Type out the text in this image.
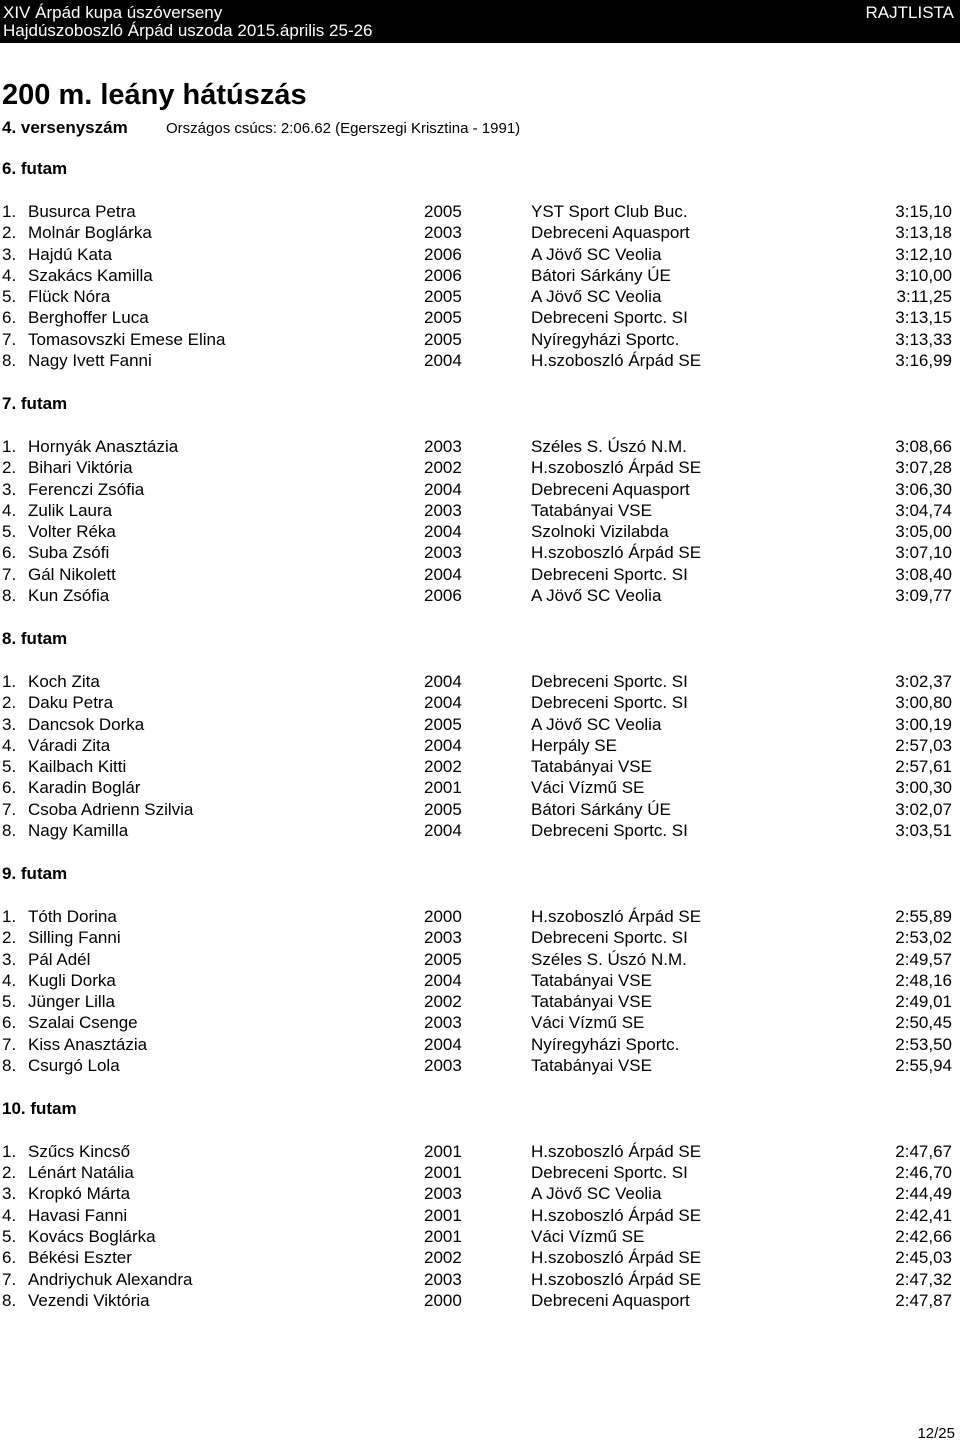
XIV Árpád kupa úszóverseny
Hajdúszoboszló Árpád uszoda 2015.április 25-26
RAJTLISTA
200 m. leány hátúszás
4. versenyszám	Országos csúcs: 2:06.62 (Egerszegi Krisztina - 1991)
6. futam
1. Busurca Petra	2005	YST Sport Club Buc.	3:15,10
2. Molnár Boglárka	2003	Debreceni Aquasport	3:13,18
3. Hajdú Kata	2006	A Jövő SC Veolia	3:12,10
4. Szakács Kamilla	2006	Bátori Sárkány ÚE	3:10,00
5. Flück Nóra	2005	A Jövő SC Veolia	3:11,25
6. Berghoffer Luca	2005	Debreceni Sportc. SI	3:13,15
7. Tomasovszki Emese Elina	2005	Nyíregyházi Sportc.	3:13,33
8. Nagy Ivett Fanni	2004	H.szoboszló Árpád SE	3:16,99
7. futam
1. Hornyák Anasztázia	2003	Széles S. Úszó N.M.	3:08,66
2. Bihari Viktória	2002	H.szoboszló Árpád SE	3:07,28
3. Ferenczi Zsófia	2004	Debreceni Aquasport	3:06,30
4. Zulik Laura	2003	Tatabányai VSE	3:04,74
5. Volter Réka	2004	Szolnoki Vizilabda	3:05,00
6. Suba Zsófi	2003	H.szoboszló Árpád SE	3:07,10
7. Gál Nikolett	2004	Debreceni Sportc. SI	3:08,40
8. Kun Zsófia	2006	A Jövő SC Veolia	3:09,77
8. futam
1. Koch Zita	2004	Debreceni Sportc. SI	3:02,37
2. Daku Petra	2004	Debreceni Sportc. SI	3:00,80
3. Dancsok Dorka	2005	A Jövő SC Veolia	3:00,19
4. Váradi Zita	2004	Herpály SE	2:57,03
5. Kailbach Kitti	2002	Tatabányai VSE	2:57,61
6. Karadin Boglár	2001	Váci Vízmű SE	3:00,30
7. Csoba Adrienn Szilvia	2005	Bátori Sárkány ÚE	3:02,07
8. Nagy Kamilla	2004	Debreceni Sportc. SI	3:03,51
9. futam
1. Tóth Dorina	2000	H.szoboszló Árpád SE	2:55,89
2. Silling Fanni	2003	Debreceni Sportc. SI	2:53,02
3. Pál Adél	2005	Széles S. Úszó N.M.	2:49,57
4. Kugli Dorka	2004	Tatabányai VSE	2:48,16
5. Jünger Lilla	2002	Tatabányai VSE	2:49,01
6. Szalai Csenge	2003	Váci Vízmű SE	2:50,45
7. Kiss Anasztázia	2004	Nyíregyházi Sportc.	2:53,50
8. Csurgó Lola	2003	Tatabányai VSE	2:55,94
10. futam
1. Szűcs Kincső	2001	H.szoboszló Árpád SE	2:47,67
2. Lénárt Natália	2001	Debreceni Sportc. SI	2:46,70
3. Kropkó Márta	2003	A Jövő SC Veolia	2:44,49
4. Havasi Fanni	2001	H.szoboszló Árpád SE	2:42,41
5. Kovács Boglárka	2001	Váci Vízmű SE	2:42,66
6. Békési Eszter	2002	H.szoboszló Árpád SE	2:45,03
7. Andriychuk Alexandra	2003	H.szoboszló Árpád SE	2:47,32
8. Vezendi Viktória	2000	Debreceni Aquasport	2:47,87
12/25
